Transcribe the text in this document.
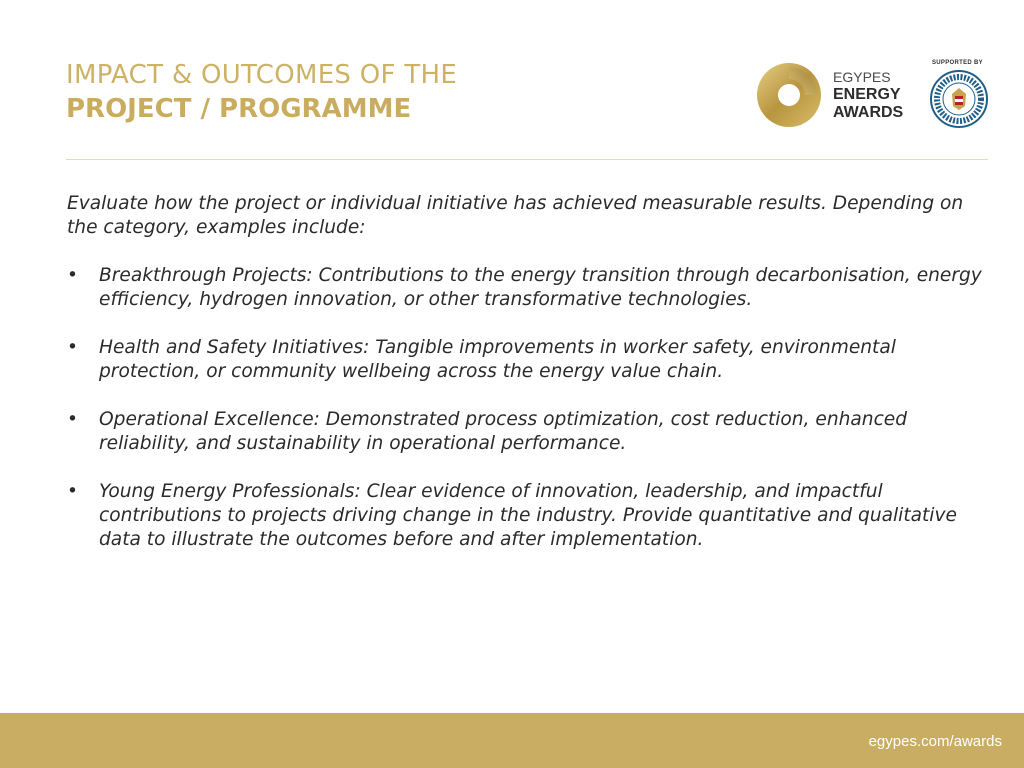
IMPACT & OUTCOMES OF THE
PROJECT / PROGRAMME
EGYPES
ENERGY
AWARDS
SUPPORTED BY

Evaluate how the project or individual initiative has achieved measurable results. Depending on the category, examples include:

• Breakthrough Projects: Contributions to the energy transition through decarbonisation, energy efficiency, hydrogen innovation, or other transformative technologies.
• Health and Safety Initiatives: Tangible improvements in worker safety, environmental protection, or community wellbeing across the energy value chain.
• Operational Excellence: Demonstrated process optimization, cost reduction, enhanced reliability, and sustainability in operational performance.
• Young Energy Professionals: Clear evidence of innovation, leadership, and impactful contributions to projects driving change in the industry. Provide quantitative and qualitative data to illustrate the outcomes before and after implementation.
egypes.com/awards
